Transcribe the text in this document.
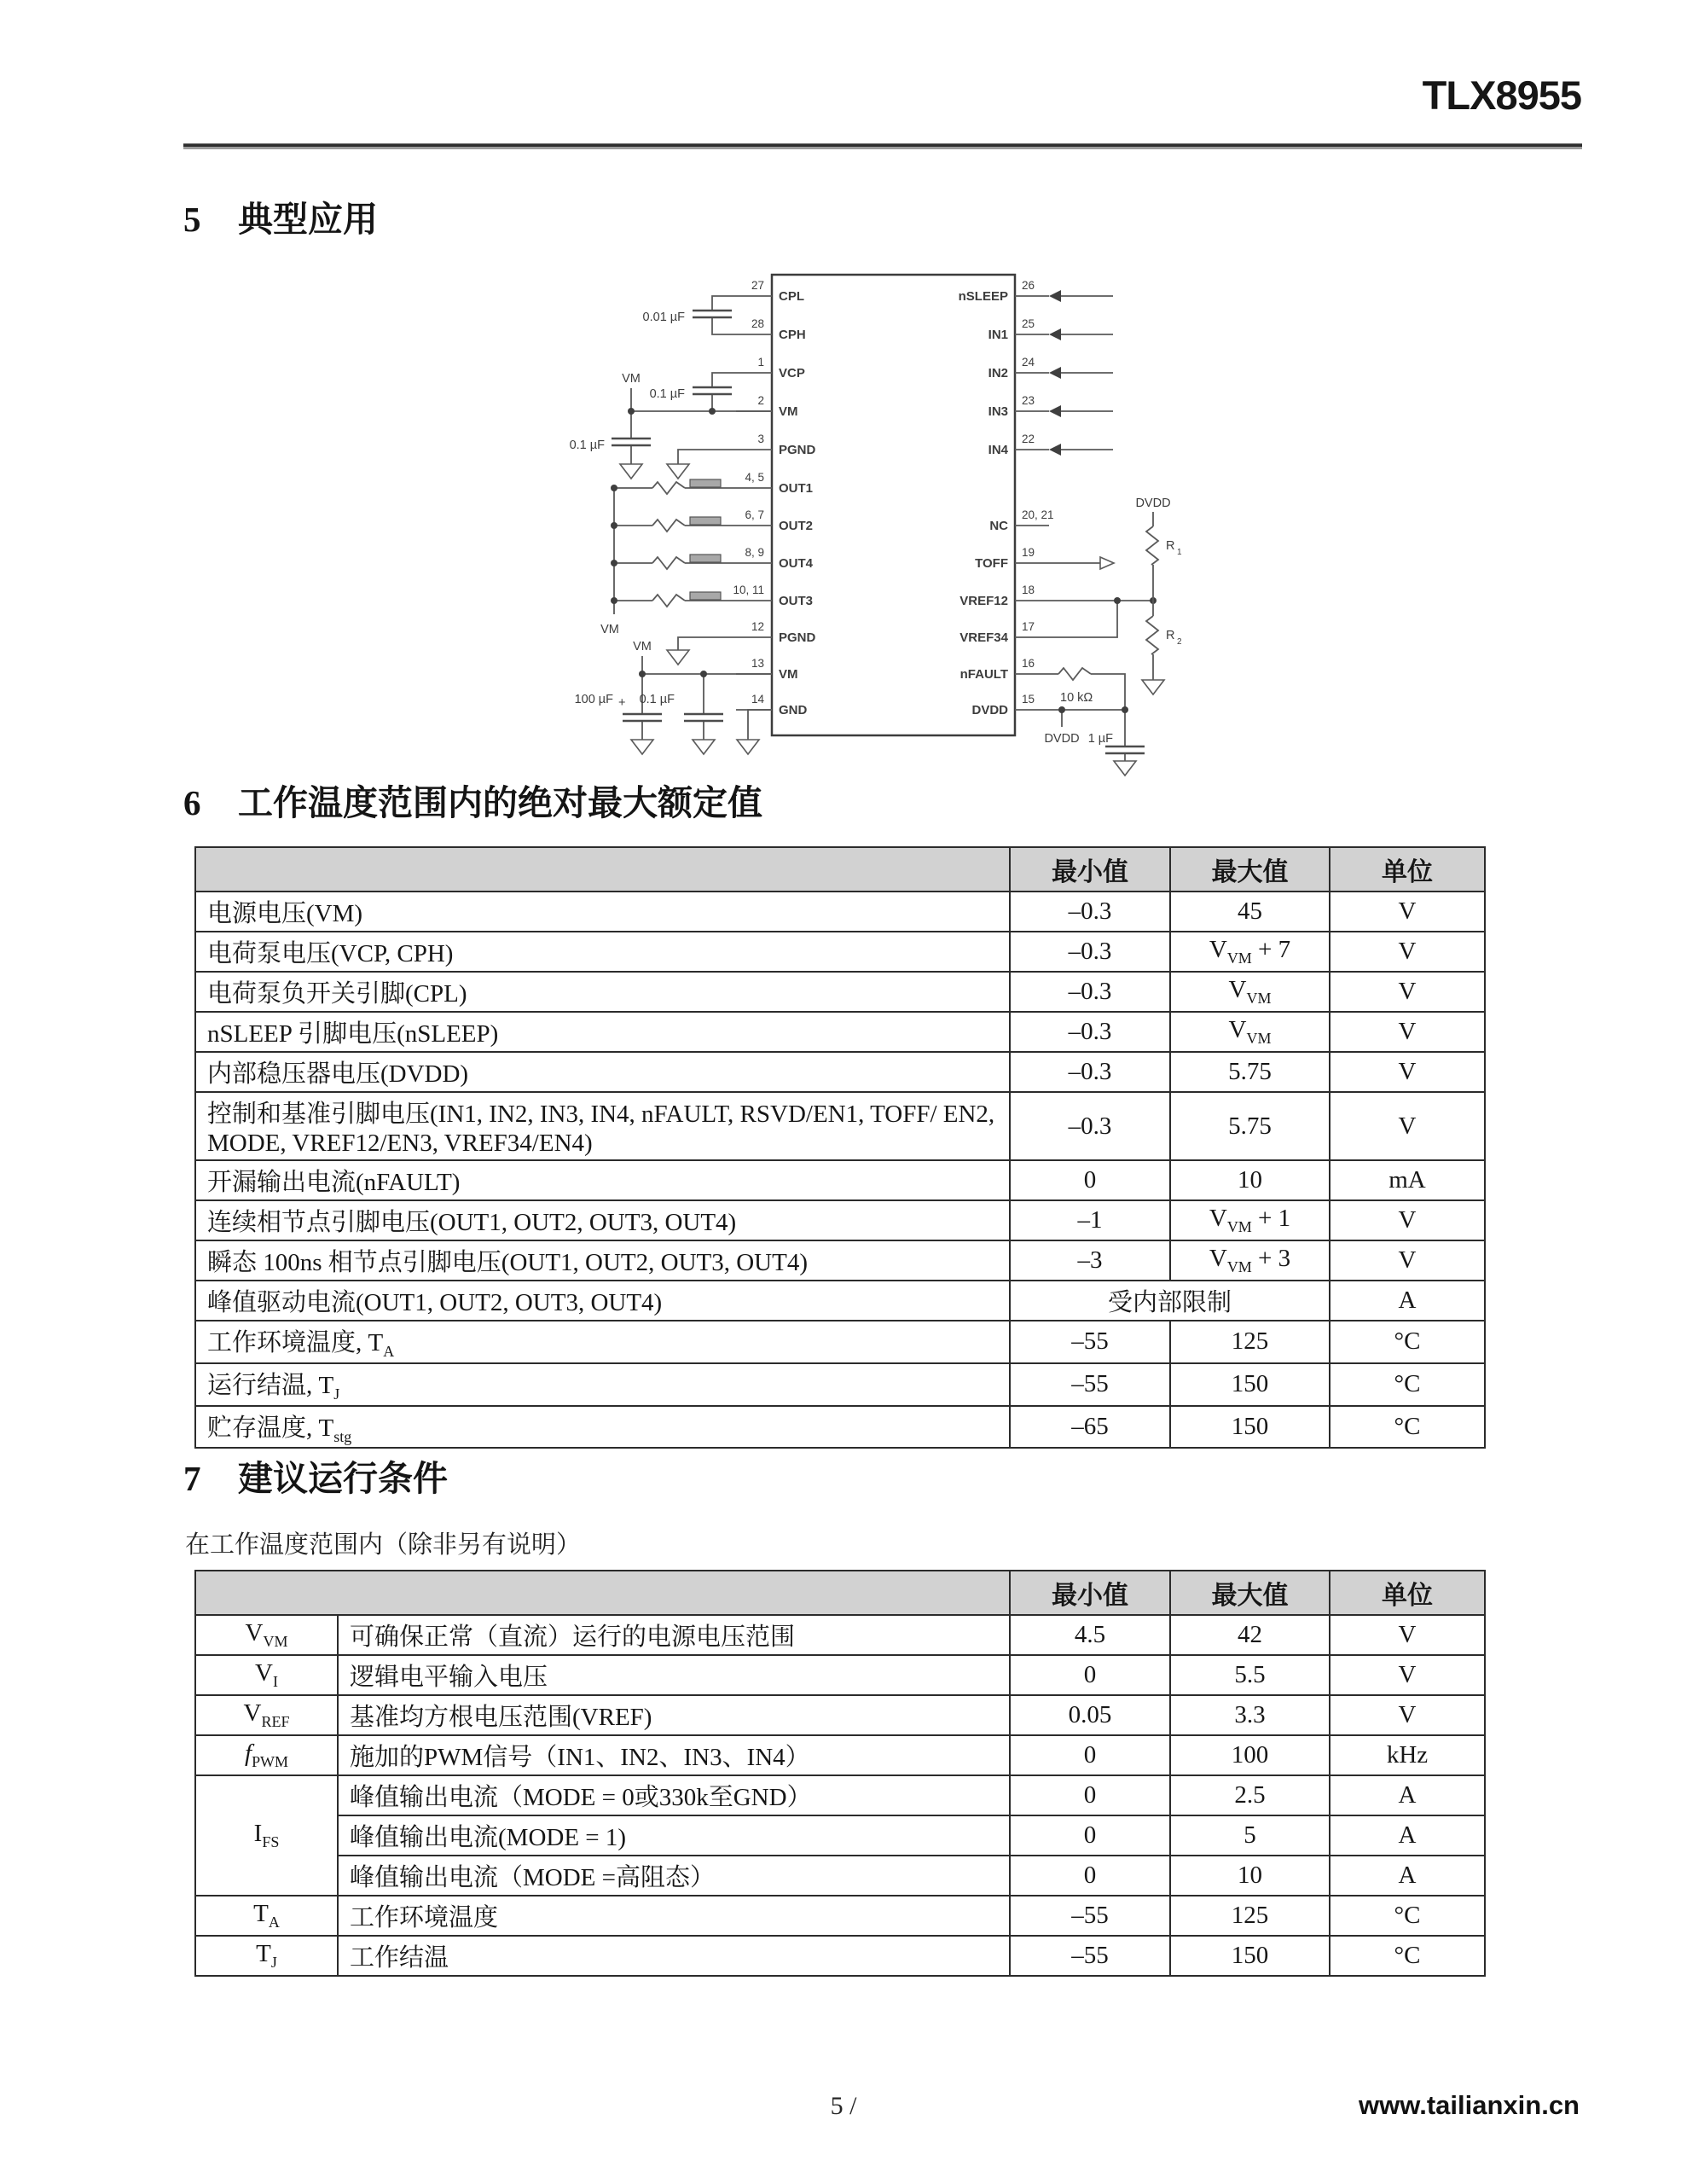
TLX8955
5 典型应用
0.01 µF
0.1 µF
VM
0.1 µF
VM
VM
100 µF + 0.1 µF
DVDD
R 1
R 2
10 kΩ
DVDD 1 µF
27
CPL
28
CPH
1
VCP
2
VM
3
PGND
4, 5
OUT1
6, 7
OUT2
8, 9
OUT4
10, 11
OUT3
12
PGND
13
VM
14
GND
26
nSLEEP
25
IN1
24
IN2
23
IN3
22
IN4
20, 21
NC
19
TOFF
18
VREF12
17
VREF34
16
nFAULT
15
DVDD
6 工作温度范围内的绝对最大额定值
	最小值	最大值	单位
电源电压(VM)	–0.3	45	V
电荷泵电压(VCP, CPH)	–0.3	$V_{VM} + 7$	V
电荷泵负开关引脚(CPL)	–0.3	$V_{VM}$	V
nSLEEP 引脚电压(nSLEEP)	–0.3	$V_{VM}$	V
内部稳压器电压(DVDD)	–0.3	5.75	V
控制和基准引脚电压(IN1, IN2, IN3, IN4, nFAULT, RSVD/EN1, TOFF/ EN2, MODE, VREF12/EN3, VREF34/EN4)	–0.3	5.75	V
开漏输出电流(nFAULT)	0	10	mA
连续相节点引脚电压(OUT1, OUT2, OUT3, OUT4)	–1	$V_{VM} + 1$	V
瞬态 100ns 相节点引脚电压(OUT1, OUT2, OUT3, OUT4)	–3	$V_{VM} + 3$	V
峰值驱动电流(OUT1, OUT2, OUT3, OUT4)	受内部限制		A
工作环境温度, $T_A$	–55	125	°C
运行结温, $T_J$	–55	150	°C
贮存温度, $T_{stg}$	–65	150	°C
7 建议运行条件
在工作温度范围内（除非另有说明）
		最小值	最大值	单位
$V_{VM}$	可确保正常（直流）运行的电源电压范围	4.5	42	V
$V_I$	逻辑电平输入电压	0	5.5	V
$V_{REF}$	基准均方根电压范围(VREF)	0.05	3.3	V
$f_{PWM}$	施加的PWM信号（IN1、IN2、IN3、IN4）	0	100	kHz
$I_{FS}$	峰值输出电流（MODE = 0或330k至GND）	0	2.5	A
	峰值输出电流(MODE = 1)	0	5	A
	峰值输出电流（MODE =高阻态）	0	10	A
$T_A$	工作环境温度	–55	125	°C
$T_J$	工作结温	–55	150	°C
5 /	www.tailianxin.cn
